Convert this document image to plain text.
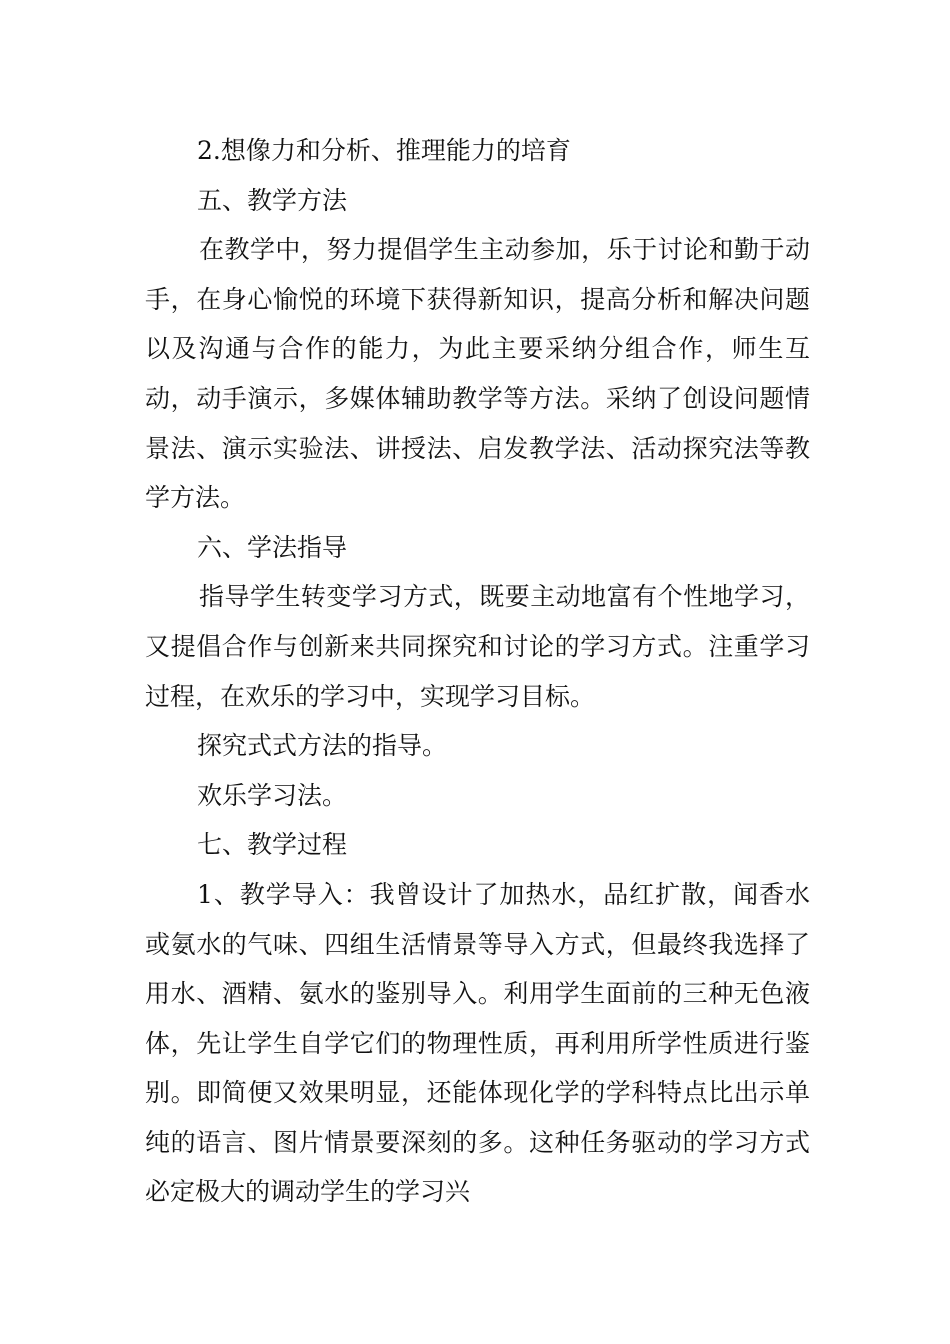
2.想像力和分析、推理能力的培育

五、教学方法

在教学中，努力提倡学生主动参加，乐于讨论和勤于动手，在身心愉悦的环境下获得新知识，提高分析和解决问题以及沟通与合作的能力，为此主要采纳分组合作，师生互动，动手演示，多媒体辅助教学等方法。采纳了创设问题情景法、演示实验法、讲授法、启发教学法、活动探究法等教学方法。

六、学法指导

指导学生转变学习方式，既要主动地富有个性地学习，又提倡合作与创新来共同探究和讨论的学习方式。注重学习过程，在欢乐的学习中，实现学习目标。

探究式式方法的指导。

欢乐学习法。

七、教学过程

1、教学导入：我曾设计了加热水，品红扩散，闻香水或氨水的气味、四组生活情景等导入方式，但最终我选择了用水、酒精、氨水的鉴别导入。利用学生面前的三种无色液体，先让学生自学它们的物理性质，再利用所学性质进行鉴别。即简便又效果明显，还能体现化学的学科特点比出示单纯的语言、图片情景要深刻的多。这种任务驱动的学习方式必定极大的调动学生的学习兴
